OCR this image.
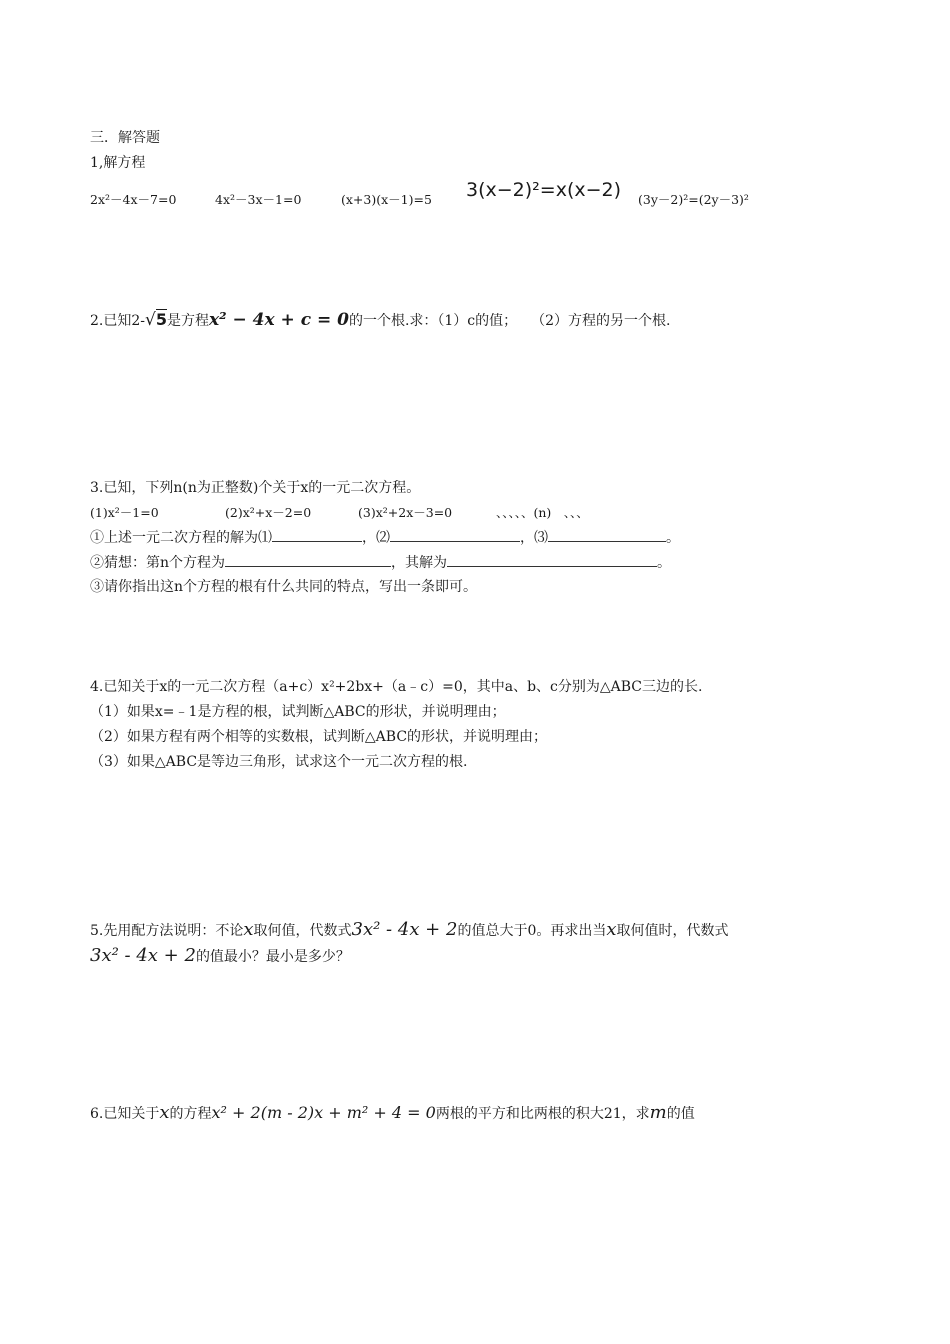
三．解答题
1,解方程
2x²－4x－7=0	4x²－3x－1=0	(x+3)(x－1)=5 3(x−2)²=x(x−2) (3y－2)²=(2y－3)²
2.已知2-√5是方程x² − 4x + c = 0的一个根.求：（1）c的值；　　（2）方程的另一个根.
3.已知，下列n(n为正整数)个关于x的一元二次方程。
(1)x²－1=0	(2)x²+x－2=0	(3)x²+2x－3=0	、、、、、(n)　、、、
①上述一元二次方程的解为⑴	，⑵	，⑶	。
②猜想：第n个方程为	，其解为	。
③请你指出这n个方程的根有什么共同的特点，写出一条即可。
4.已知关于x的一元二次方程（a+c）x²+2bx+（a﹣c）=0，其中a、b、c分别为△ABC三边的长.
（1）如果x=﹣1是方程的根，试判断△ABC的形状，并说明理由；
（2）如果方程有两个相等的实数根，试判断△ABC的形状，并说明理由；
（3）如果△ABC是等边三角形，试求这个一元二次方程的根.
5.先用配方法说明：不论x取何值，代数式3x² - 4x + 2的值总大于0。再求出当x取何值时，代数式
3x² - 4x + 2的值最小？最小是多少？
6.已知关于x的方程x² + 2(m - 2)x + m² + 4 = 0两根的平方和比两根的积大21，求m的值
